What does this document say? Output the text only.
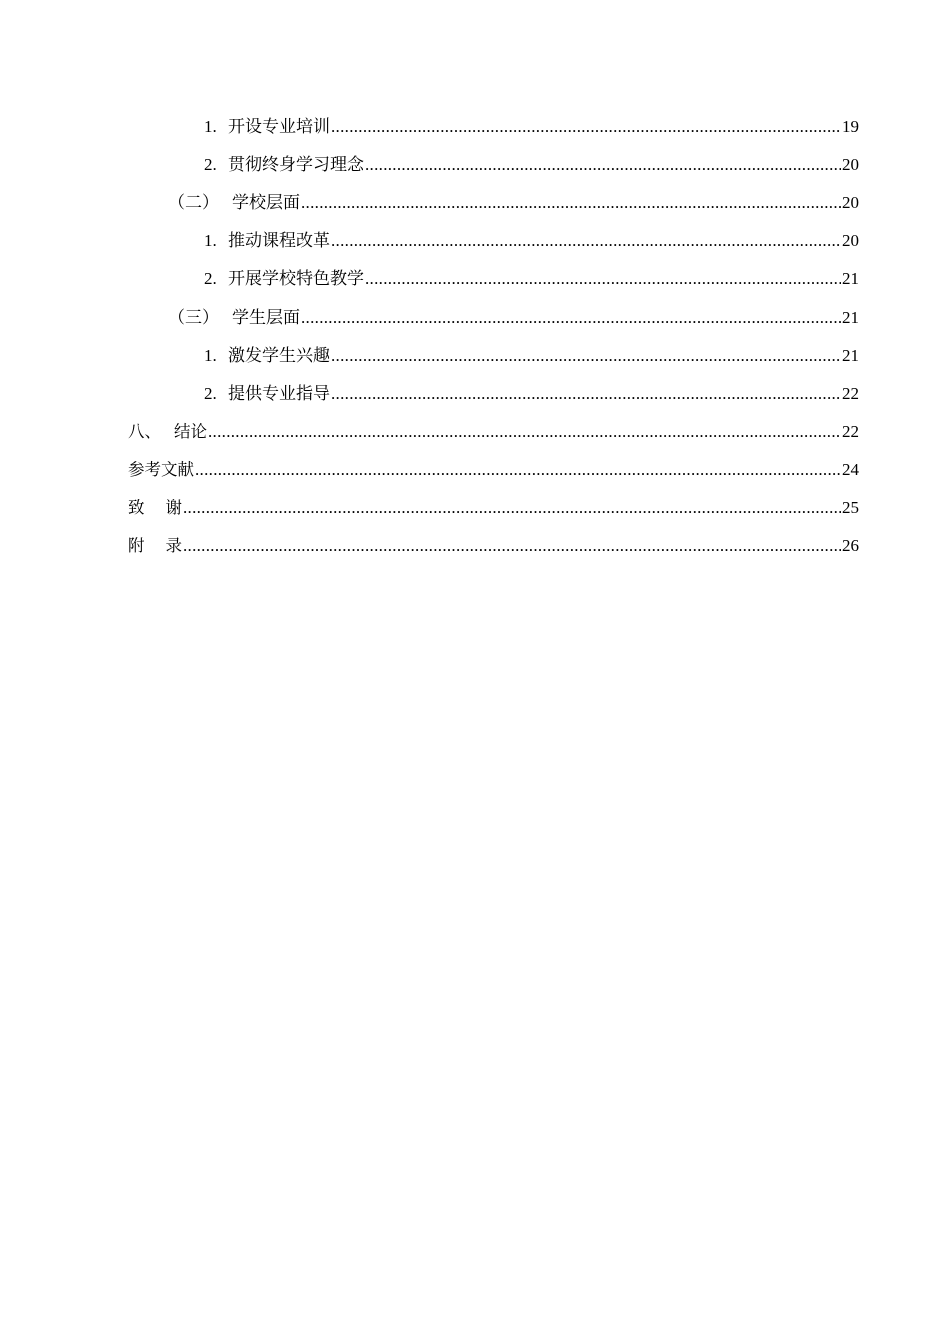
1. 开设专业培训 .....	19
2. 贯彻终身学习理念 .....	20
（二） 学校层面 .....	20
1. 推动课程改革 .....	20
2. 开展学校特色教学 .....	21
（三） 学生层面 .....	21
1. 激发学生兴趣 .....	21
2. 提供专业指导 .....	22
八、 结论 .....	22
参考文献 .....	24
致    谢 .....	25
附    录 .....	26
